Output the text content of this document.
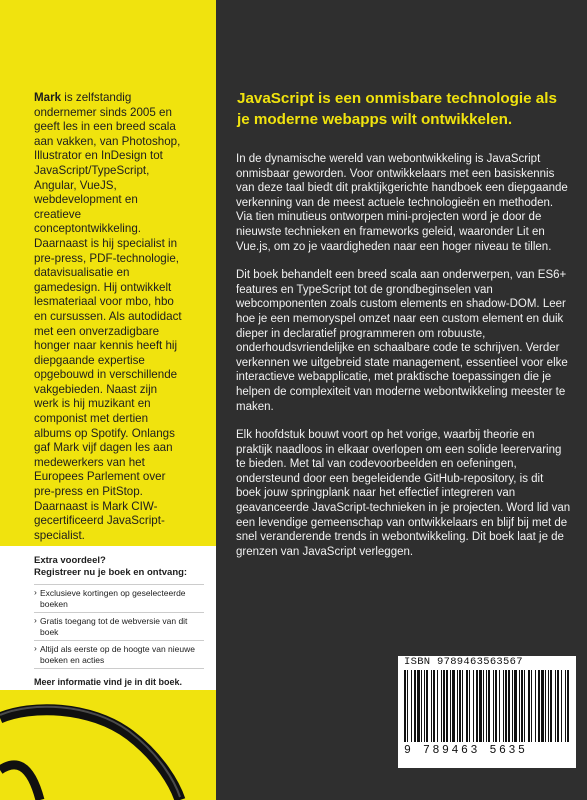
Mark is zelfstandig ondernemer sinds 2005 en geeft les in een breed scala aan vakken, van Photoshop, Illustrator en InDesign tot JavaScript/TypeScript, Angular, VueJS, webdevelopment en creatieve conceptontwikkeling. Daarnaast is hij specialist in pre-press, PDF-technologie, datavisualisatie en gamedesign. Hij ontwikkelt lesmateriaal voor mbo, hbo en cursussen. Als autodidact met een onverzadigbare honger naar kennis heeft hij diepgaande expertise opgebouwd in verschillende vakgebieden. Naast zijn werk is hij muzikant en componist met dertien albums op Spotify. Onlangs gaf Mark vijf dagen les aan medewerkers van het Europees Parlement over pre-press en PitStop. Daarnaast is Mark CIW-gecertificeerd JavaScript-specialist.
Extra voordeel?
Registreer nu je boek en ontvang:
› Exclusieve kortingen op geselecteerde boeken
› Gratis toegang tot de webversie van dit boek
› Altijd als eerste op de hoogte van nieuwe boeken en acties
Meer informatie vind je in dit boek.
JavaScript is een onmisbare technologie als je moderne webapps wilt ontwikkelen.

In de dynamische wereld van webontwikkeling is JavaScript onmisbaar geworden. Voor ontwikkelaars met een basiskennis van deze taal biedt dit praktijkgerichte handboek een diepgaande verkenning van de meest actuele technologieën en methoden. Via tien minutieus ontworpen mini-projecten word je door de nieuwste technieken en frameworks geleid, waaronder Lit en Vue.js, om zo je vaardigheden naar een hoger niveau te tillen.

Dit boek behandelt een breed scala aan onderwerpen, van ES6+ features en TypeScript tot de grondbeginselen van webcomponenten zoals custom elements en shadow-DOM. Leer hoe je een memoryspel omzet naar een custom element en duik dieper in declaratief programmeren om robuuste, onderhoudsvriendelijke en schaalbare code te schrijven. Verder verkennen we uitgebreid state management, essentieel voor elke interactieve webapplicatie, met praktische toepassingen die je helpen de complexiteit van moderne webontwikkeling meester te maken.

Elk hoofdstuk bouwt voort op het vorige, waarbij theorie en praktijk naadloos in elkaar overlopen om een solide leerervaring te bieden. Met tal van codevoorbeelden en oefeningen, ondersteund door een begeleidende GitHub-repository, is dit boek jouw springplank naar het effectief integreren van geavanceerde JavaScript-technieken in je projecten. Word lid van een levendige gemeenschap van ontwikkelaars en blijf bij met de snel veranderende trends in webontwikkeling. Dit boek laat je de grenzen van JavaScript verleggen.

ISBN 9789463563567
9 789463 5635
